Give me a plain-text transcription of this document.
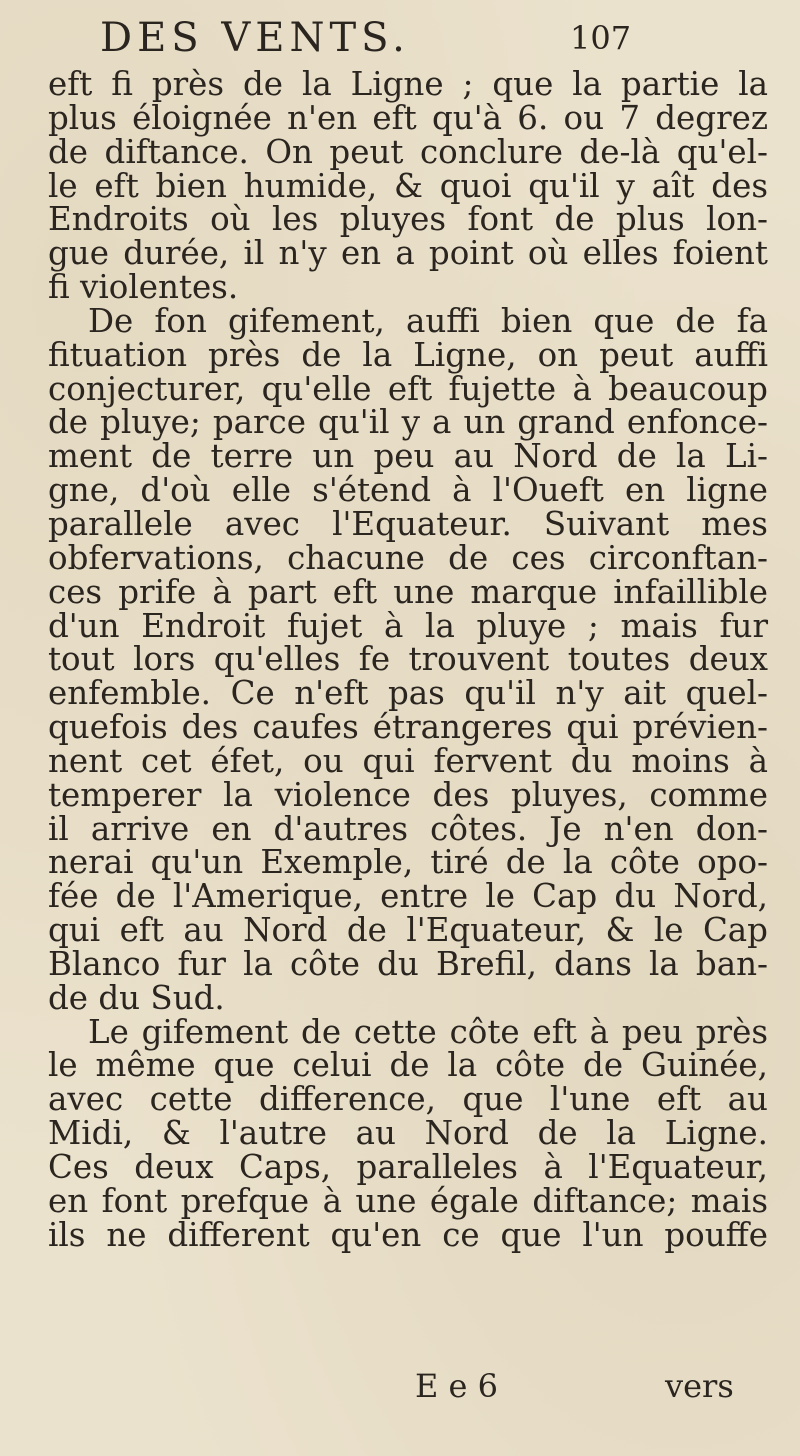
DES VENTS.	107
eft fi près de la Ligne ; que la partie la
plus éloignée n'en eft qu'à 6. ou 7 degrez
de diftance. On peut conclure de-là qu'el-
le eft bien humide, & quoi qu'il y aît des
Endroits où les pluyes font de plus lon-
gue durée, il n'y en a point où elles foient
fi violentes.
De fon gifement, auffi bien que de fa
fituation près de la Ligne, on peut auffi
conjecturer, qu'elle eft fujette à beaucoup
de pluye; parce qu'il y a un grand enfonce-
ment de terre un peu au Nord de la Li-
gne, d'où elle s'étend à l'Oueft en ligne
parallele avec l'Equateur. Suivant mes
obfervations, chacune de ces circonftan-
ces prife à part eft une marque infaillible
d'un Endroit fujet à la pluye ; mais fur
tout lors qu'elles fe trouvent toutes deux
enfemble. Ce n'eft pas qu'il n'y ait quel-
quefois des caufes étrangeres qui prévien-
nent cet éfet, ou qui fervent du moins à
temperer la violence des pluyes, comme
il arrive en d'autres côtes. Je n'en don-
nerai qu'un Exemple, tiré de la côte opo-
fée de l'Amerique, entre le Cap du Nord,
qui eft au Nord de l'Equateur, & le Cap
Blanco fur la côte du Brefil, dans la ban-
de du Sud.
Le gifement de cette côte eft à peu près
le même que celui de la côte de Guinée,
avec cette difference, que l'une eft au
Midi, & l'autre au Nord de la Ligne.
Ces deux Caps, paralleles à l'Equateur,
en font prefque à une égale diftance; mais
ils ne different qu'en ce que l'un pouffe
E e 6	vers
